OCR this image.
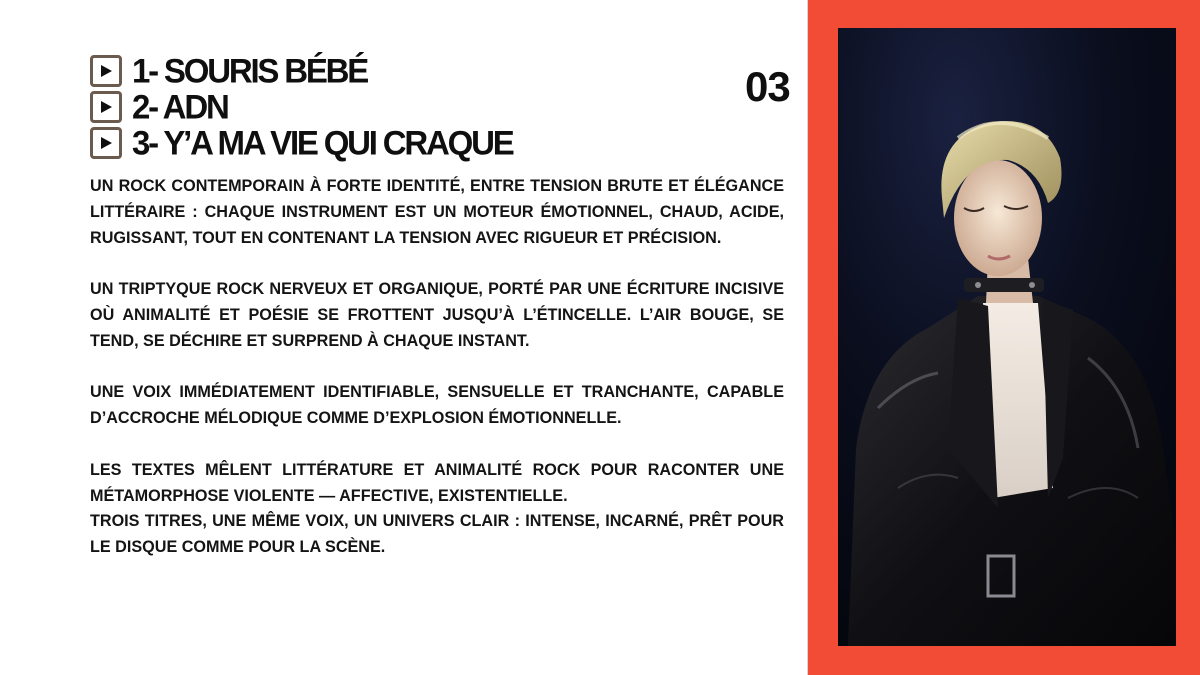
1- SOURIS BÉBÉ
2- ADN
3- Y’A MA VIE QUI CRAQUE
03

UN ROCK CONTEMPORAIN À FORTE IDENTITÉ, ENTRE TENSION BRUTE ET ÉLÉGANCE LITTÉRAIRE : CHAQUE INSTRUMENT EST UN MOTEUR ÉMOTIONNEL, CHAUD, ACIDE, RUGISSANT, TOUT EN CONTENANT LA TENSION AVEC RIGUEUR ET PRÉCISION.

UN TRIPTYQUE ROCK NERVEUX ET ORGANIQUE, PORTÉ PAR UNE ÉCRITURE INCISIVE OÙ ANIMALITÉ ET POÉSIE SE FROTTENT JUSQU’À L’ÉTINCELLE. L’AIR BOUGE, SE TEND, SE DÉCHIRE ET SURPREND À CHAQUE INSTANT.

UNE VOIX IMMÉDIATEMENT IDENTIFIABLE, SENSUELLE ET TRANCHANTE, CAPABLE D’ACCROCHE MÉLODIQUE COMME D’EXPLOSION ÉMOTIONNELLE.

LES TEXTES MÊLENT LITTÉRATURE ET ANIMALITÉ ROCK POUR RACONTER UNE MÉTAMORPHOSE VIOLENTE — AFFECTIVE, EXISTENTIELLE.

TROIS TITRES, UNE MÊME VOIX, UN UNIVERS CLAIR : INTENSE, INCARNÉ, PRÊT POUR LE DISQUE COMME POUR LA SCÈNE.
